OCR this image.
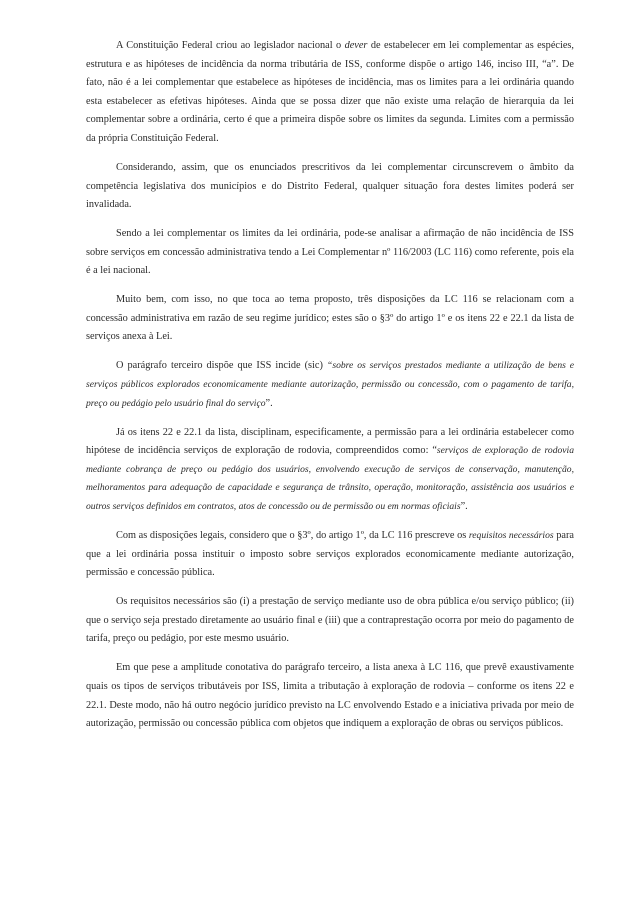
A Constituição Federal criou ao legislador nacional o dever de estabelecer em lei complementar as espécies, estrutura e as hipóteses de incidência da norma tributária de ISS, conforme dispõe o artigo 146, inciso III, “a”. De fato, não é a lei complementar que estabelece as hipóteses de incidência, mas os limites para a lei ordinária quando esta estabelecer as efetivas hipóteses. Ainda que se possa dizer que não existe uma relação de hierarquia da lei complementar sobre a ordinária, certo é que a primeira dispõe sobre os limites da segunda. Limites com a permissão da própria Constituição Federal.

Considerando, assim, que os enunciados prescritivos da lei complementar circunscrevem o âmbito da competência legislativa dos municípios e do Distrito Federal, qualquer situação fora destes limites poderá ser invalidada.

Sendo a lei complementar os limites da lei ordinária, pode-se analisar a afirmação de não incidência de ISS sobre serviços em concessão administrativa tendo a Lei Complementar nº 116/2003 (LC 116) como referente, pois ela é a lei nacional.

Muito bem, com isso, no que toca ao tema proposto, três disposições da LC 116 se relacionam com a concessão administrativa em razão de seu regime jurídico; estes são o §3º do artigo 1º e os itens 22 e 22.1 da lista de serviços anexa à Lei.

O parágrafo terceiro dispõe que ISS incide (sic) “sobre os serviços prestados mediante a utilização de bens e serviços públicos explorados economicamente mediante autorização, permissão ou concessão, com o pagamento de tarifa, preço ou pedágio pelo usuário final do serviço”.

Já os itens 22 e 22.1 da lista, disciplinam, especificamente, a permissão para a lei ordinária estabelecer como hipótese de incidência serviços de exploração de rodovia, compreendidos como: “serviços de exploração de rodovia mediante cobrança de preço ou pedágio dos usuários, envolvendo execução de serviços de conservação, manutenção, melhoramentos para adequação de capacidade e segurança de trânsito, operação, monitoração, assistência aos usuários e outros serviços definidos em contratos, atos de concessão ou de permissão ou em normas oficiais”.

Com as disposições legais, considero que o §3º, do artigo 1º, da LC 116 prescreve os requisitos necessários para que a lei ordinária possa instituir o imposto sobre serviços explorados economicamente mediante autorização, permissão e concessão pública.

Os requisitos necessários são (i) a prestação de serviço mediante uso de obra pública e/ou serviço público; (ii) que o serviço seja prestado diretamente ao usuário final e (iii) que a contraprestação ocorra por meio do pagamento de tarifa, preço ou pedágio, por este mesmo usuário.

Em que pese a amplitude conotativa do parágrafo terceiro, a lista anexa à LC 116, que prevê exaustivamente quais os tipos de serviços tributáveis por ISS, limita a tributação à exploração de rodovia – conforme os itens 22 e 22.1. Deste modo, não há outro negócio jurídico previsto na LC envolvendo Estado e a iniciativa privada por meio de autorização, permissão ou concessão pública com objetos que indiquem a exploração de obras ou serviços públicos.
